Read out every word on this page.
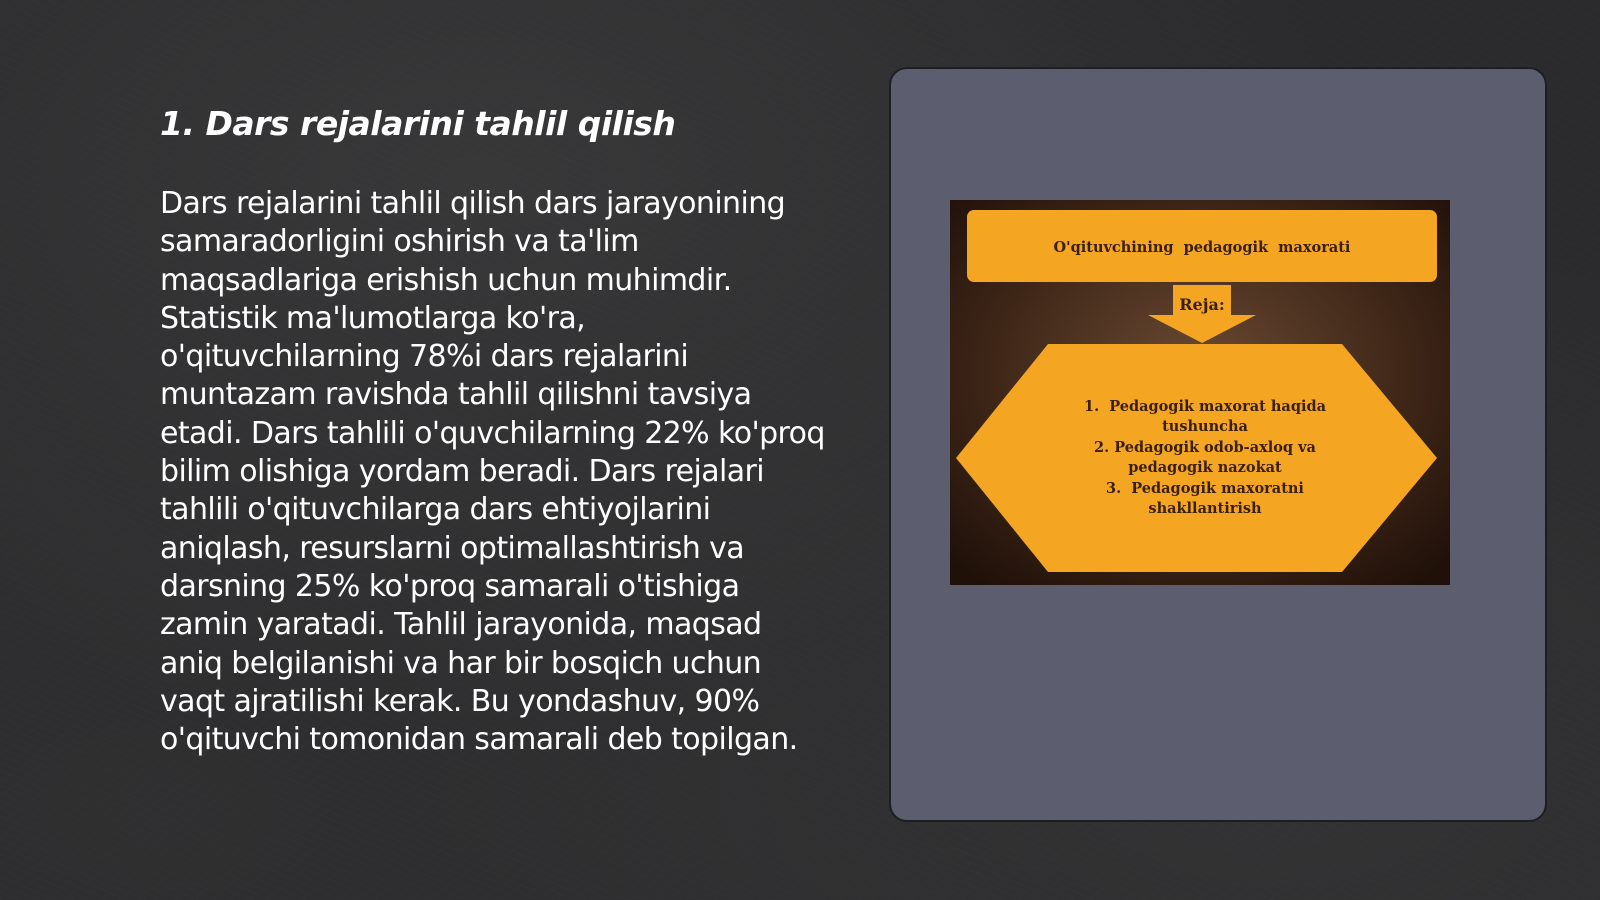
1. Dars rejalarini tahlil qilish

Dars rejalarini tahlil qilish dars jarayonining samaradorligini oshirish va ta'lim maqsadlariga erishish uchun muhimdir. Statistik ma'lumotlarga ko'ra, o'qituvchilarning 78%i dars rejalarini muntazam ravishda tahlil qilishni tavsiya etadi. Dars tahlili o'quvchilarning 22% ko'proq bilim olishiga yordam beradi. Dars rejalari tahlili o'qituvchilarga dars ehtiyojlarini aniqlash, resurslarni optimallashtirish va darsning 25% ko'proq samarali o'tishiga zamin yaratadi. Tahlil jarayonida, maqsad aniq belgilanishi va har bir bosqich uchun vaqt ajratilishi kerak. Bu yondashuv, 90% o'qituvchi tomonidan samarali deb topilgan.

O'qituvchining  pedagogik  maxorati
Reja:
1.  Pedagogik maxorat haqida
tushuncha
2. Pedagogik odob-axloq va
pedagogik nazokat
3.  Pedagogik maxoratni
shakllantirish
